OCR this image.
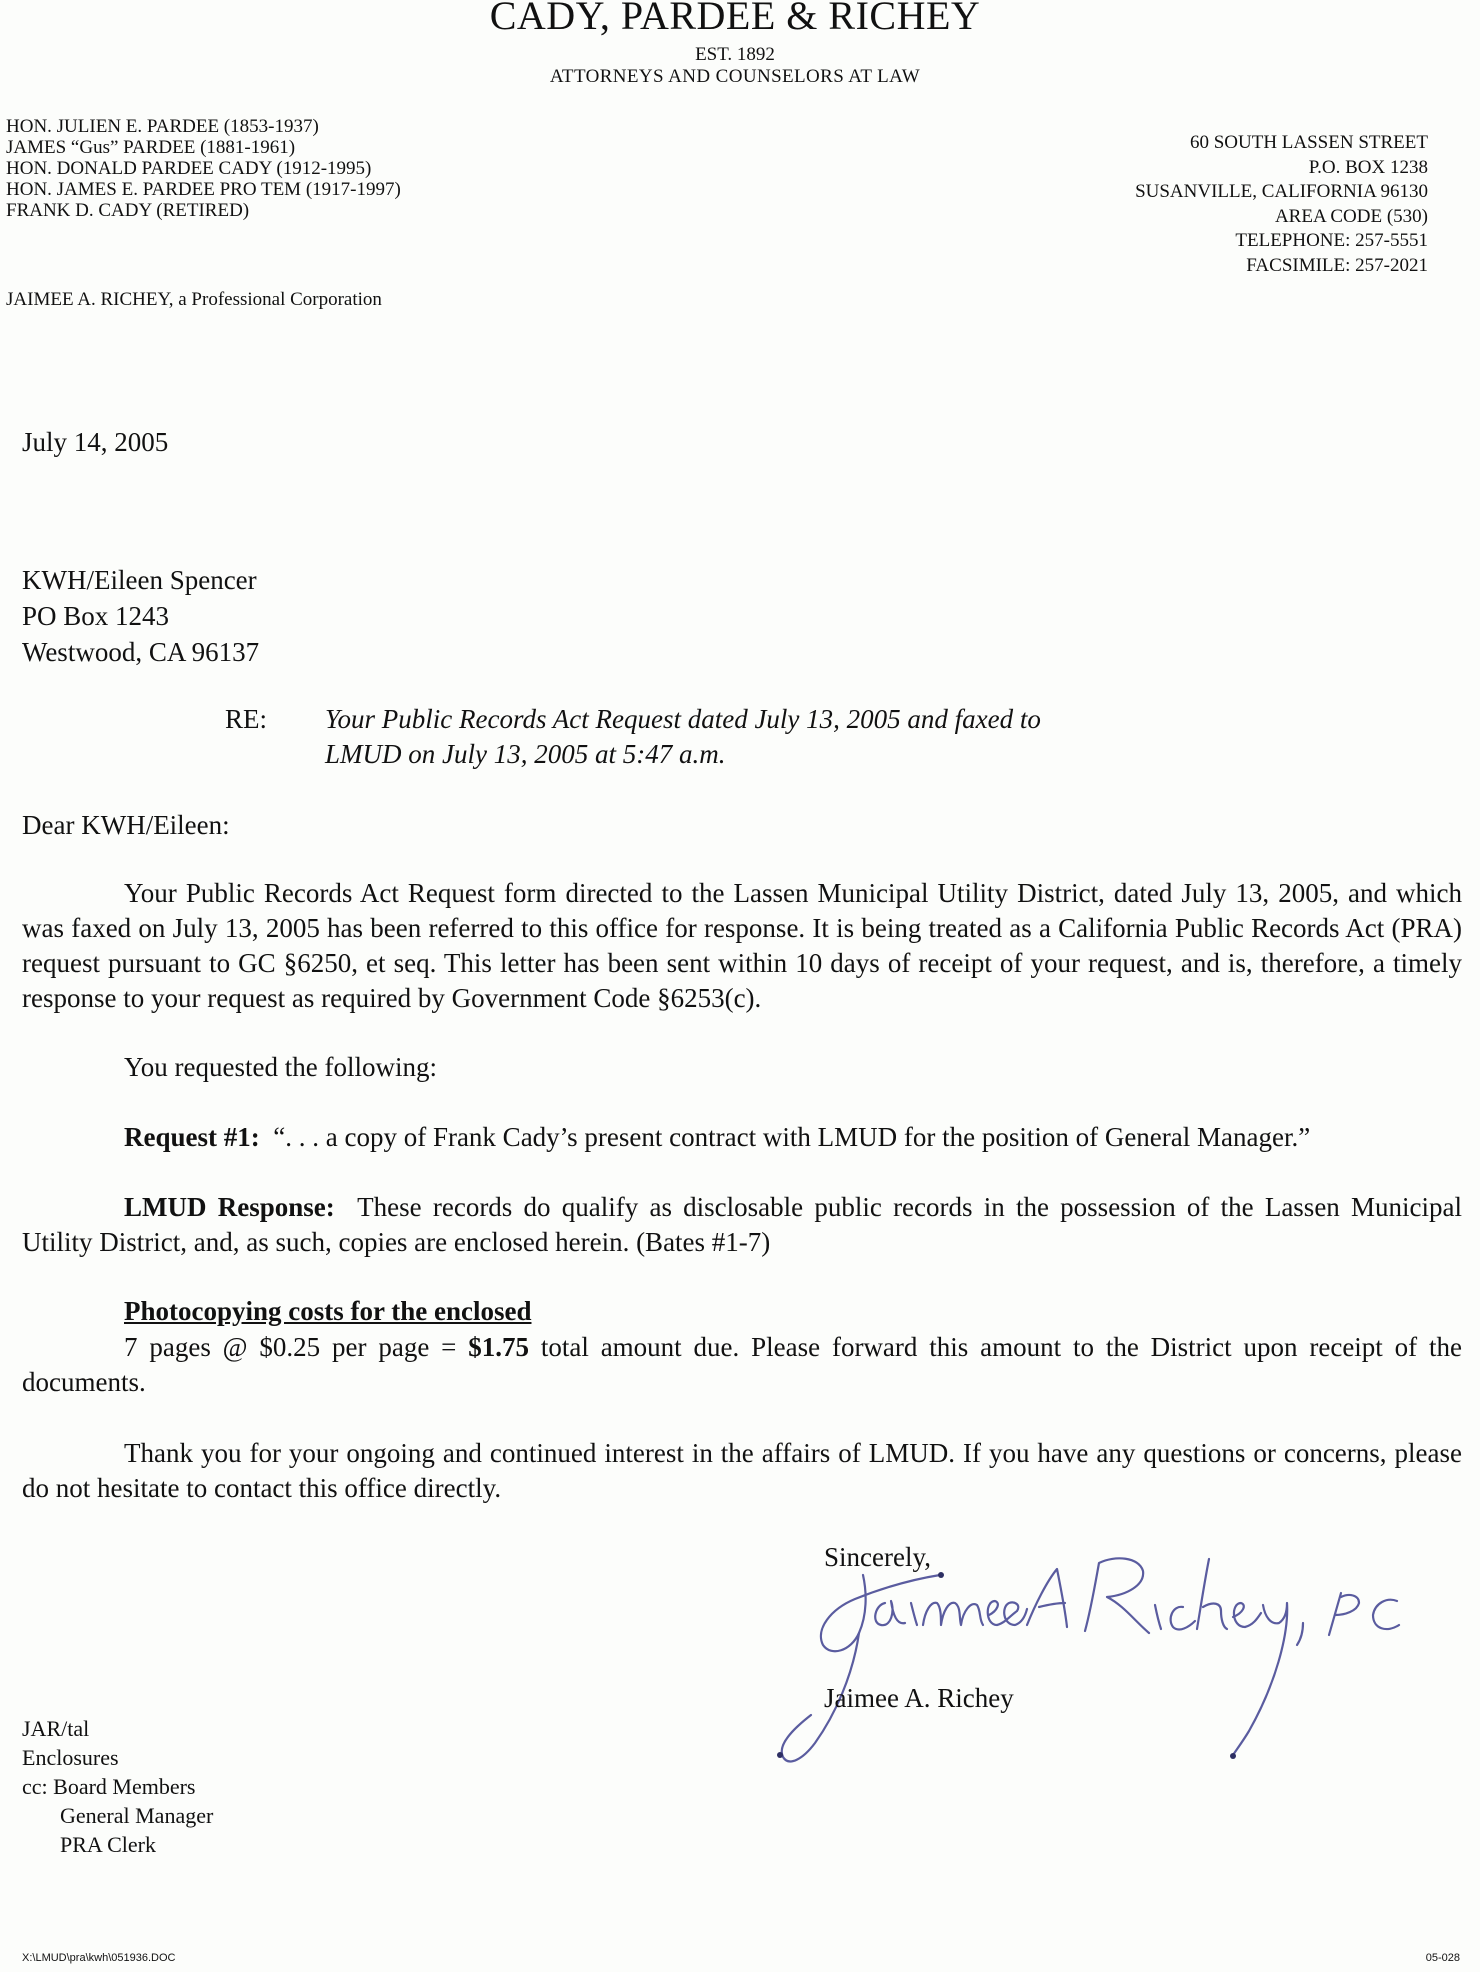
CADY, PARDEE & RICHEY
EST. 1892
ATTORNEYS AND COUNSELORS AT LAW
HON. JULIEN E. PARDEE (1853-1937)
JAMES “Gus” PARDEE (1881-1961)
HON. DONALD PARDEE CADY (1912-1995)
HON. JAMES E. PARDEE PRO TEM (1917-1997)
FRANK D. CADY (RETIRED)
JAIMEE A. RICHEY, a Professional Corporation
60 SOUTH LASSEN STREET
P.O. BOX 1238
SUSANVILLE, CALIFORNIA 96130
AREA CODE (530)
TELEPHONE: 257-5551
FACSIMILE: 257-2021
July 14, 2005
KWH/Eileen Spencer
PO Box 1243
Westwood, CA 96137
RE: Your Public Records Act Request dated July 13, 2005 and faxed to
LMUD on July 13, 2005 at 5:47 a.m.
Dear KWH/Eileen:
Your Public Records Act Request form directed to the Lassen Municipal Utility District, dated July 13, 2005, and which was faxed on July 13, 2005 has been referred to this office for response. It is being treated as a California Public Records Act (PRA) request pursuant to GC §6250, et seq. This letter has been sent within 10 days of receipt of your request, and is, therefore, a timely response to your request as required by Government Code §6253(c).
You requested the following:
Request #1: “. . . a copy of Frank Cady’s present contract with LMUD for the position of General Manager.”
LMUD Response: These records do qualify as disclosable public records in the possession of the Lassen Municipal Utility District, and, as such, copies are enclosed herein. (Bates #1-7)
Photocopying costs for the enclosed
7 pages @ $0.25 per page = $1.75 total amount due. Please forward this amount to the District upon receipt of the documents.
Thank you for your ongoing and continued interest in the affairs of LMUD. If you have any questions or concerns, please do not hesitate to contact this office directly.
Sincerely,
Jaimee A. Richey
JAR/tal
Enclosures
cc: Board Members
General Manager
PRA Clerk
X:\LMUD\pra\kwh\051936.DOC	05-028
